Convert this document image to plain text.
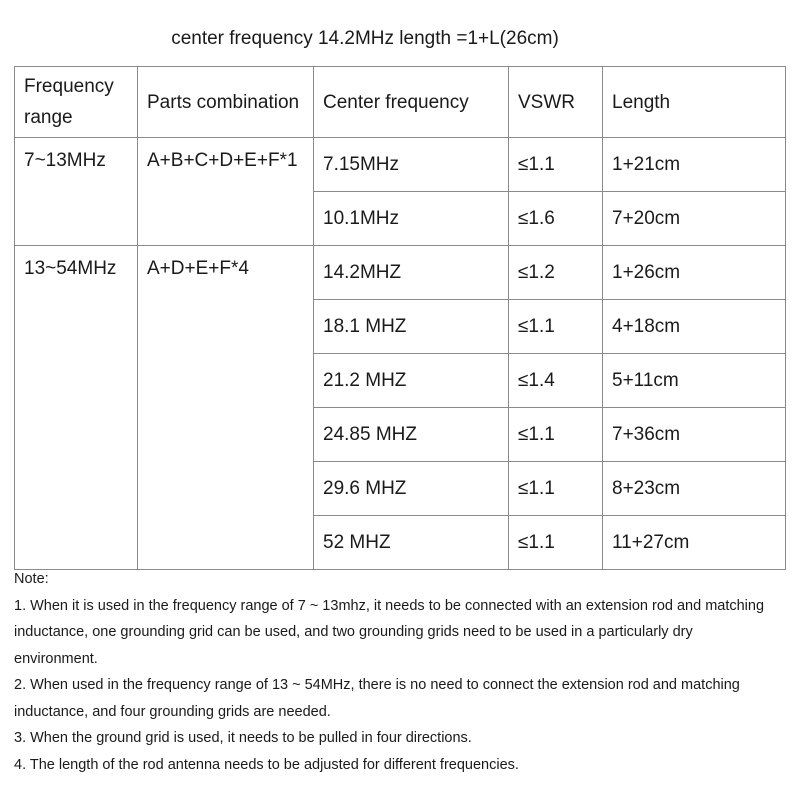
center frequency 14.2MHz length =1+L(26cm)
Frequency range	Parts combination	Center frequency	VSWR	Length
7~13MHz	A+B+C+D+E+F*1	7.15MHz	≤1.1	1+21cm
		10.1MHz	≤1.6	7+20cm
13~54MHz	A+D+E+F*4	14.2MHZ	≤1.2	1+26cm
		18.1 MHZ	≤1.1	4+18cm
		21.2 MHZ	≤1.4	5+11cm
		24.85 MHZ	≤1.1	7+36cm
		29.6 MHZ	≤1.1	8+23cm
		52 MHZ	≤1.1	11+27cm

Note:

1. When it is used in the frequency range of 7 ~ 13mhz, it needs to be connected with an extension rod and matching inductance, one grounding grid can be used, and two grounding grids need to be used in a particularly dry environment.

2. When used in the frequency range of 13 ~ 54MHz, there is no need to connect the extension rod and matching inductance, and four grounding grids are needed.

3. When the ground grid is used, it needs to be pulled in four directions.

4. The length of the rod antenna needs to be adjusted for different frequencies.
